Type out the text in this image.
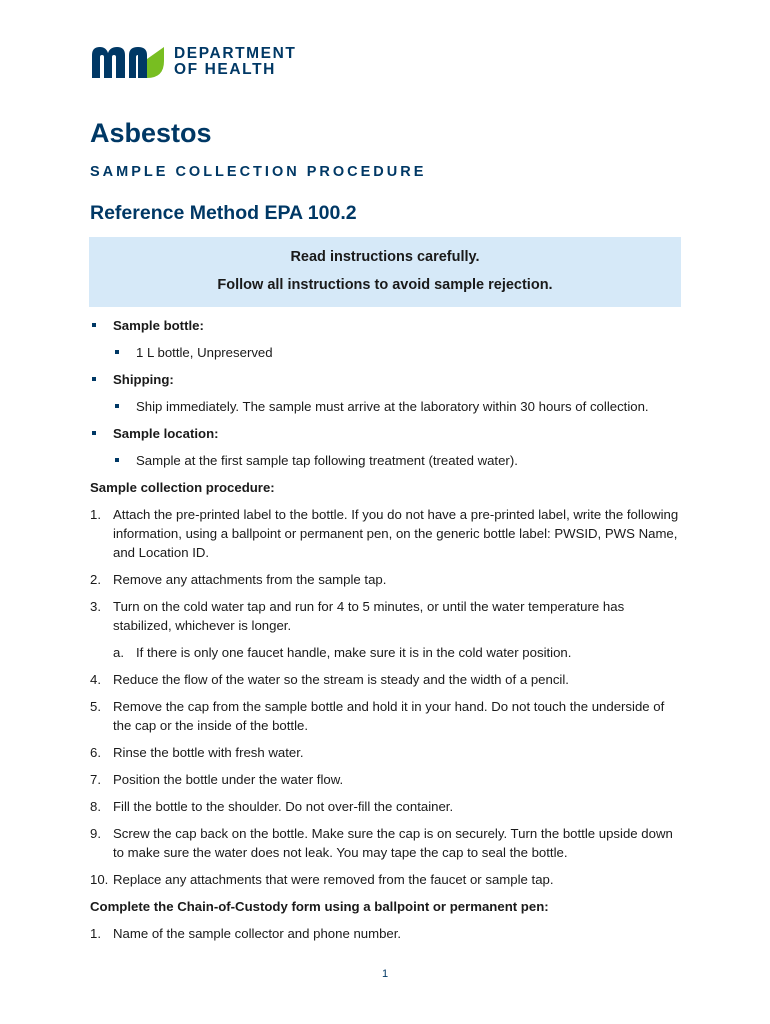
DEPARTMENT
OF HEALTH
Asbestos
SAMPLE COLLECTION PROCEDURE
Reference Method EPA 100.2
Read instructions carefully.
Follow all instructions to avoid sample rejection.
Sample bottle:
1 L bottle, Unpreserved
Shipping:
Ship immediately. The sample must arrive at the laboratory within 30 hours of collection.
Sample location:
Sample at the first sample tap following treatment (treated water).
Sample collection procedure:
1. Attach the pre-printed label to the bottle. If you do not have a pre-printed label, write the following information, using a ballpoint or permanent pen, on the generic bottle label: PWSID, PWS Name, and Location ID.
2. Remove any attachments from the sample tap.
3. Turn on the cold water tap and run for 4 to 5 minutes, or until the water temperature has stabilized, whichever is longer.
a. If there is only one faucet handle, make sure it is in the cold water position.
4. Reduce the flow of the water so the stream is steady and the width of a pencil.
5. Remove the cap from the sample bottle and hold it in your hand. Do not touch the underside of the cap or the inside of the bottle.
6. Rinse the bottle with fresh water.
7. Position the bottle under the water flow.
8. Fill the bottle to the shoulder. Do not over-fill the container.
9. Screw the cap back on the bottle. Make sure the cap is on securely. Turn the bottle upside down to make sure the water does not leak. You may tape the cap to seal the bottle.
10. Replace any attachments that were removed from the faucet or sample tap.
Complete the Chain-of-Custody form using a ballpoint or permanent pen:
1. Name of the sample collector and phone number.
1
